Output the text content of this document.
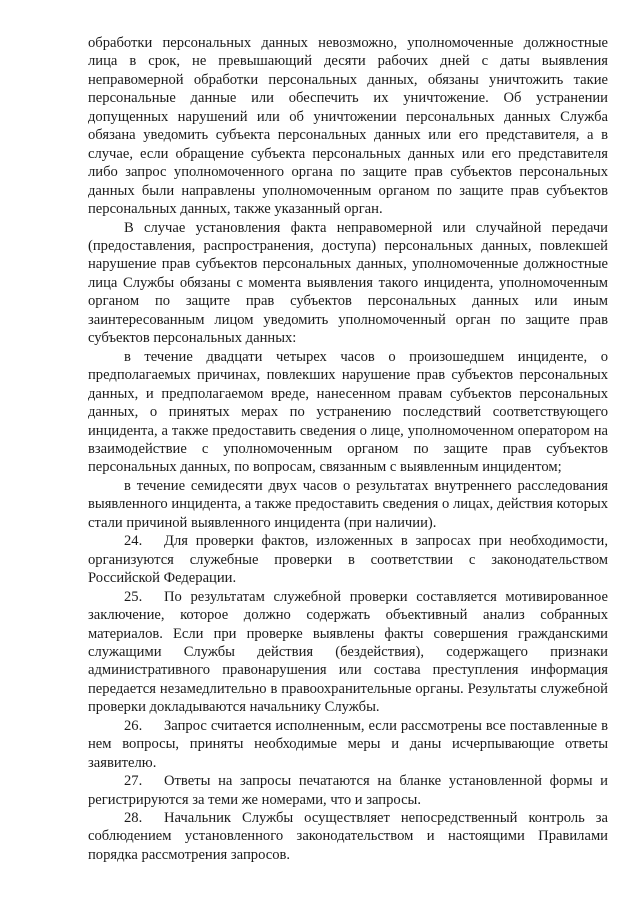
обработки персональных данных невозможно, уполномоченные должностные лица в срок, не превышающий десяти рабочих дней с даты выявления неправомерной обработки персональных данных, обязаны уничтожить такие персональные данные или обеспечить их уничтожение. Об устранении допущенных нарушений или об уничтожении персональных данных Служба обязана уведомить субъекта персональных данных или его представителя, а в случае, если обращение субъекта персональных данных или его представителя либо запрос уполномоченного органа по защите прав субъектов персональных данных были направлены уполномоченным органом по защите прав субъектов персональных данных, также указанный орган.

В случае установления факта неправомерной или случайной передачи (предоставления, распространения, доступа) персональных данных, повлекшей нарушение прав субъектов персональных данных, уполномоченные должностные лица Службы обязаны с момента выявления такого инцидента, уполномоченным органом по защите прав субъектов персональных данных или иным заинтересованным лицом уведомить уполномоченный орган по защите прав субъектов персональных данных:

в течение двадцати четырех часов о произошедшем инциденте, о предполагаемых причинах, повлекших нарушение прав субъектов персональных данных, и предполагаемом вреде, нанесенном правам субъектов персональных данных, о принятых мерах по устранению последствий соответствующего инцидента, а также предоставить сведения о лице, уполномоченном оператором на взаимодействие с уполномоченным органом по защите прав субъектов персональных данных, по вопросам, связанным с выявленным инцидентом;

в течение семидесяти двух часов о результатах внутреннего расследования выявленного инцидента, а также предоставить сведения о лицах, действия которых стали причиной выявленного инцидента (при наличии).

24. Для проверки фактов, изложенных в запросах при необходимости, организуются служебные проверки в соответствии с законодательством Российской Федерации.

25. По результатам служебной проверки составляется мотивированное заключение, которое должно содержать объективный анализ собранных материалов. Если при проверке выявлены факты совершения гражданскими служащими Службы действия (бездействия), содержащего признаки административного правонарушения или состава преступления информация передается незамедлительно в правоохранительные органы. Результаты служебной проверки докладываются начальнику Службы.

26. Запрос считается исполненным, если рассмотрены все поставленные в нем вопросы, приняты необходимые меры и даны исчерпывающие ответы заявителю.

27. Ответы на запросы печатаются на бланке установленной формы и регистрируются за теми же номерами, что и запросы.

28. Начальник Службы осуществляет непосредственный контроль за соблюдением установленного законодательством и настоящими Правилами порядка рассмотрения запросов.
